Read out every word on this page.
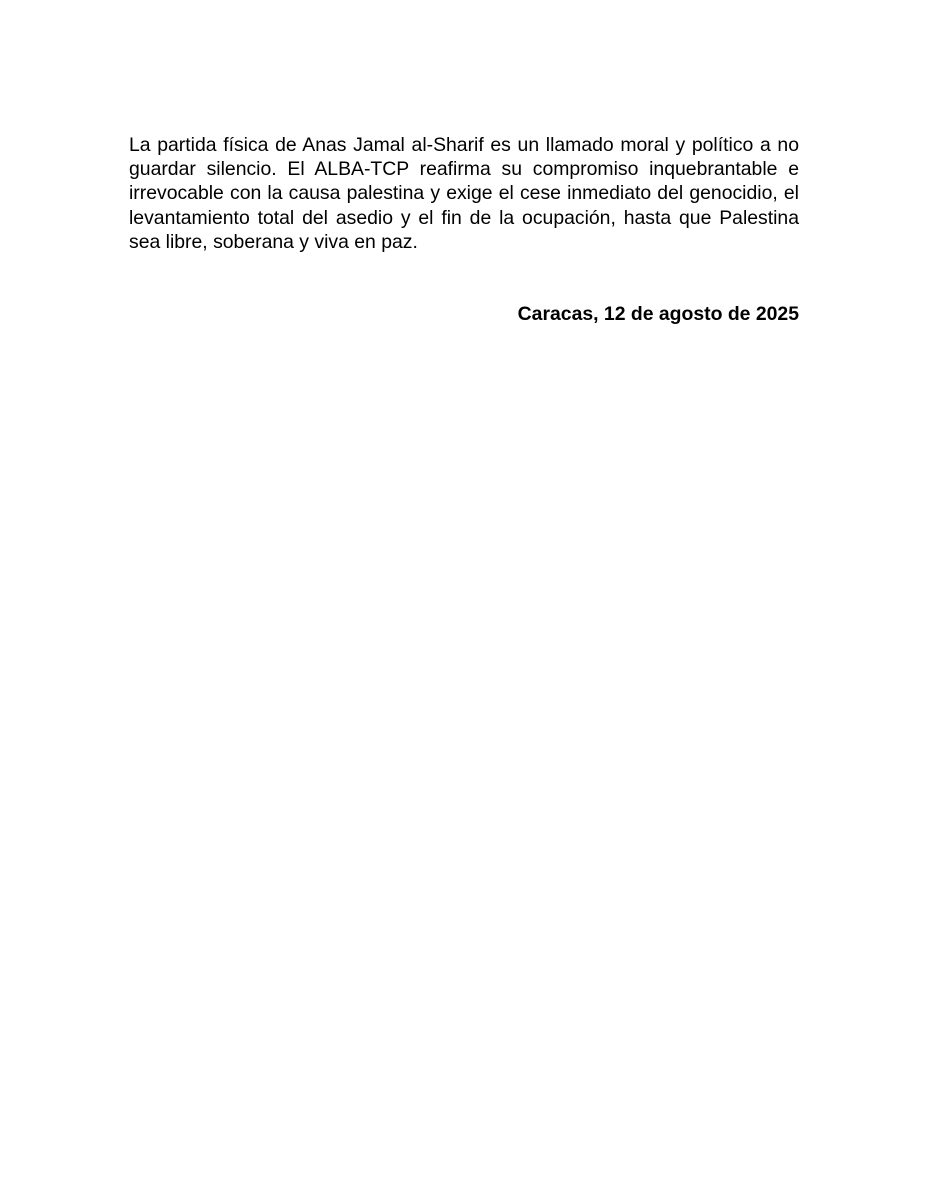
La partida física de Anas Jamal al-Sharif es un llamado moral y político a no guardar silencio. El ALBA-TCP reafirma su compromiso inquebrantable e irrevocable con la causa palestina y exige el cese inmediato del genocidio, el levantamiento total del asedio y el fin de la ocupación, hasta que Palestina sea libre, soberana y viva en paz.

Caracas, 12 de agosto de 2025
